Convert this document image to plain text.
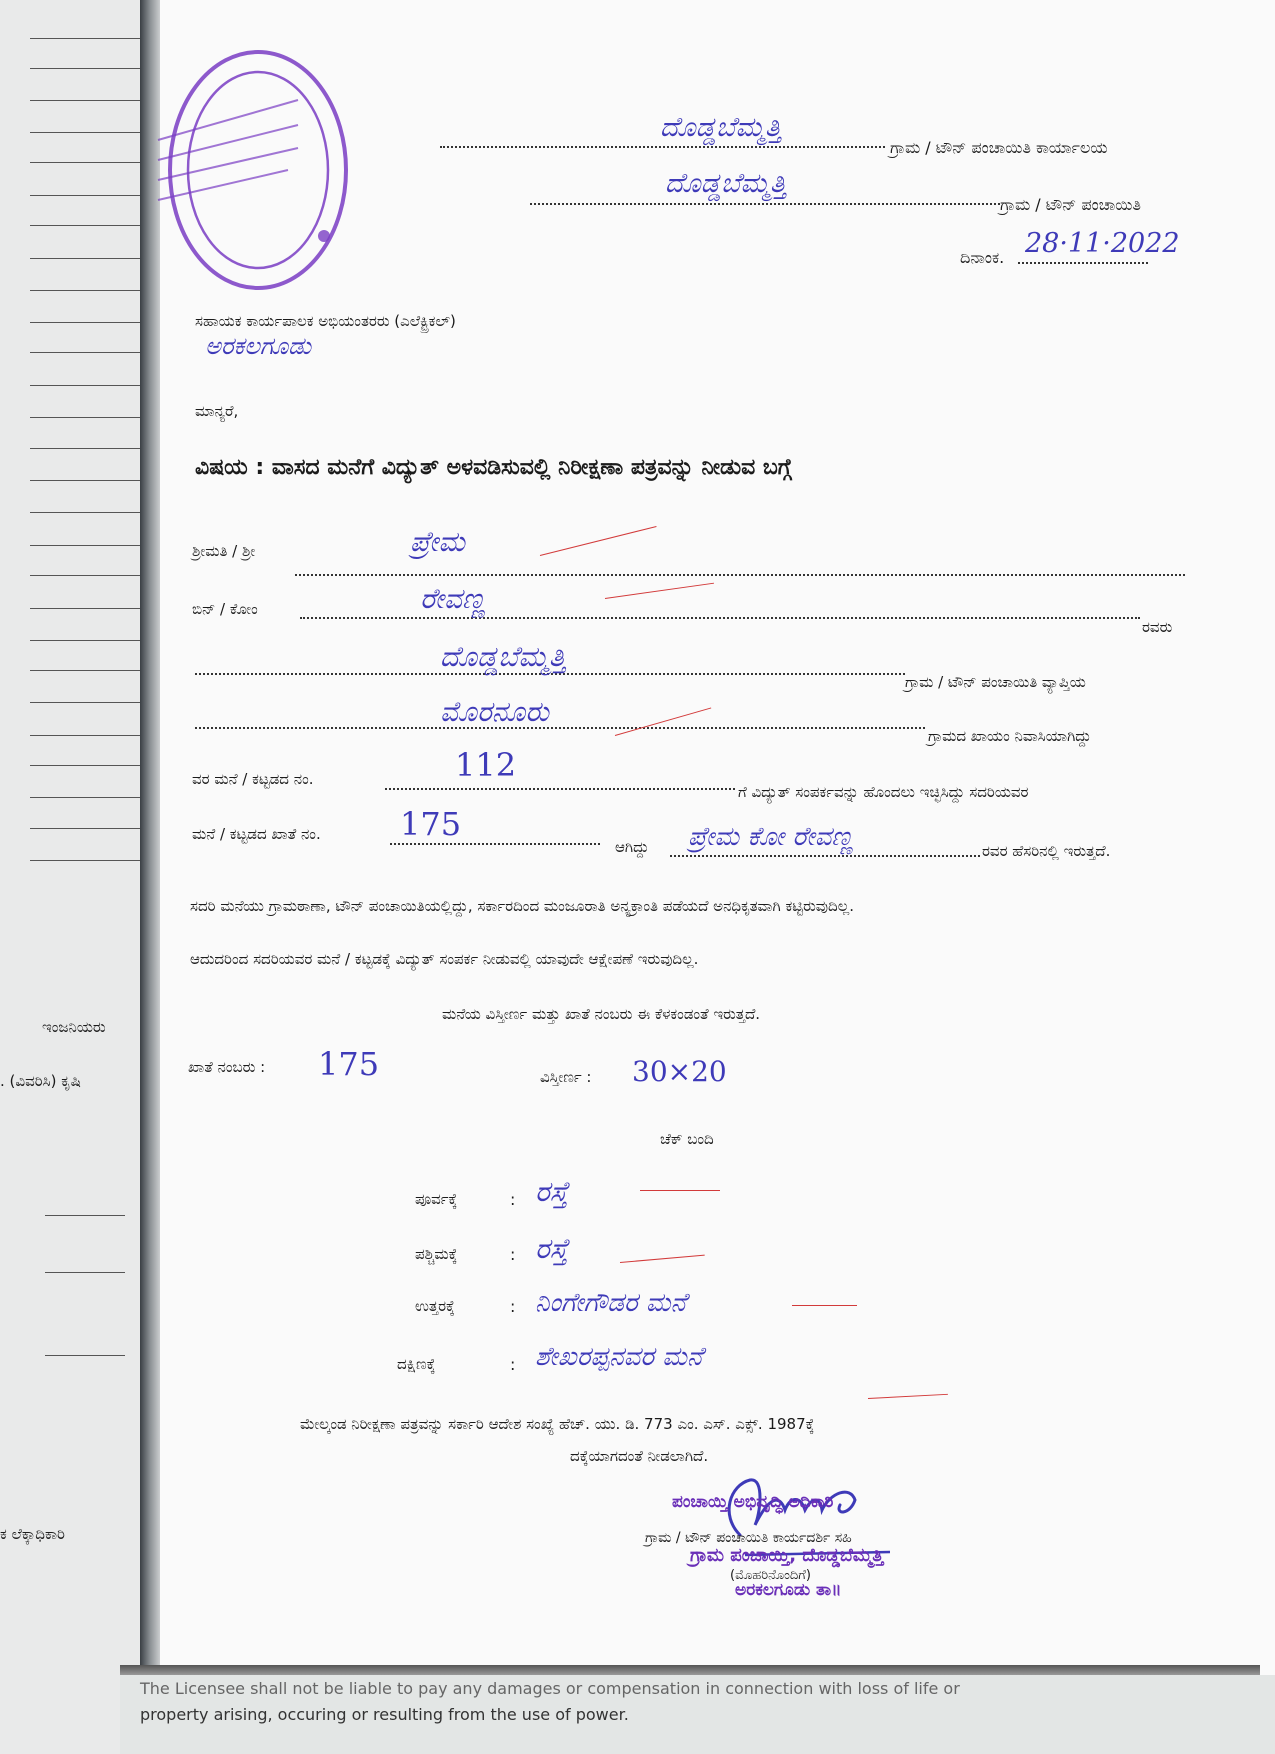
ಇಂಜನಿಯರು
. (ವಿವರಿಸಿ) ಕೃಷಿ
ಕ ಲೆಕ್ಕಾಧಿಕಾರಿ
ದೊಡ್ಡಬೆಮ್ಮತ್ತಿ
ಗ್ರಾಮ / ಟೌನ್ ಪಂಚಾಯಿತಿ ಕಾರ್ಯಾಲಯ
ದೊಡ್ಡಬೆಮ್ಮತ್ತಿ
ಗ್ರಾಮ / ಟೌನ್ ಪಂಚಾಯಿತಿ
ದಿನಾಂಕ. 28·11·2022
ಸಹಾಯಕ ಕಾರ್ಯಪಾಲಕ ಅಭಿಯಂತರರು (ಎಲೆಕ್ಟ್ರಿಕಲ್)
ಅರಕಲಗೂಡು
ಮಾನ್ಯರೆ,
ವಿಷಯ : ವಾಸದ ಮನೆಗೆ ವಿದ್ಯುತ್ ಅಳವಡಿಸುವಲ್ಲಿ ನಿರೀಕ್ಷಣಾ ಪತ್ರವನ್ನು ನೀಡುವ ಬಗ್ಗೆ
ಶ್ರೀಮತಿ / ಶ್ರೀ	ಪ್ರೇಮ
ಬಿನ್ / ಕೋಂ	ರೇವಣ್ಣ
ರವರು
ದೊಡ್ಡಬೆಮ್ಮತ್ತಿ
ಗ್ರಾಮ / ಟೌನ್ ಪಂಚಾಯಿತಿ ವ್ಯಾಪ್ತಿಯ
ಮೊರನೂರು
ಗ್ರಾಮದ ಖಾಯಂ ನಿವಾಸಿಯಾಗಿದ್ದು
ವರ ಮನೆ / ಕಟ್ಟಡದ ನಂ.	112
ಗೆ ವಿದ್ಯುತ್ ಸಂಪರ್ಕವನ್ನು ಹೊಂದಲು ಇಚ್ಛಿಸಿದ್ದು ಸದರಿಯವರ
ಮನೆ / ಕಟ್ಟಡದ ಖಾತೆ ನಂ. 175
ಆಗಿದ್ದು ಪ್ರೇಮ ಕೋ ರೇವಣ್ಣ	ರವರ ಹೆಸರಿನಲ್ಲಿ ಇರುತ್ತದೆ.
ಸದರಿ ಮನೆಯು ಗ್ರಾಮಠಾಣಾ, ಟೌನ್ ಪಂಚಾಯಿತಿಯಲ್ಲಿದ್ದು, ಸರ್ಕಾರದಿಂದ ಮಂಜೂರಾತಿ ಅನ್ಯಕ್ರಾಂತಿ ಪಡೆಯದೆ ಅನಧಿಕೃತವಾಗಿ ಕಟ್ಟಿರುವುದಿಲ್ಲ.
ಆದುದರಿಂದ ಸದರಿಯವರ ಮನೆ / ಕಟ್ಟಡಕ್ಕೆ ವಿದ್ಯುತ್ ಸಂಪರ್ಕ ನೀಡುವಲ್ಲಿ ಯಾವುದೇ ಆಕ್ಷೇಪಣೆ ಇರುವುದಿಲ್ಲ.
ಮನೆಯ ವಿಸ್ತೀರ್ಣ ಮತ್ತು ಖಾತೆ ನಂಬರು ಈ ಕೆಳಕಂಡಂತೆ ಇರುತ್ತದೆ.
ಖಾತೆ ನಂಬರು : 175	ವಿಸ್ತೀರ್ಣ : 30×20
ಚೆಕ್ ಬಂದಿ
ಪೂರ್ವಕ್ಕೆ	: ರಸ್ತೆ
ಪಶ್ಚಿಮಕ್ಕೆ	: ರಸ್ತೆ
ಉತ್ತರಕ್ಕೆ	: ನಿಂಗೇಗೌಡರ ಮನೆ
ದಕ್ಷಿಣಕ್ಕೆ	: ಶೇಖರಪ್ಪನವರ ಮನೆ
ಮೇಲ್ಕಂಡ ನಿರೀಕ್ಷಣಾ ಪತ್ರವನ್ನು ಸರ್ಕಾರಿ ಆದೇಶ ಸಂಖ್ಯೆ ಹೆಚ್. ಯು. ಡಿ. 773 ಎಂ. ಎಸ್. ಎಕ್ಸ್. 1987ಕ್ಕೆ
ದಕ್ಕೆಯಾಗದಂತೆ ನೀಡಲಾಗಿದೆ.
ಪಂಚಾಯ್ತಿ ಅಭಿವೃದ್ಧಿ ಅಧಿಕಾರಿ
ಗ್ರಾಮ / ಟೌನ್ ಪಂಚಾಯಿತಿ ಕಾರ್ಯದರ್ಶಿ ಸಹಿ
ಗ್ರಾಮ ಪಂಚಾಯ್ತಿ, ದೊಡ್ಡಬೆಮ್ಮತ್ತಿ
(ಮೊಹರಿನೊಂದಿಗೆ)
ಅರಕಲಗೂಡು ತಾ॥
The Licensee shall not be liable to pay any damages or compensation in connection with loss of life or
property arising, occuring or resulting from the use of power.
